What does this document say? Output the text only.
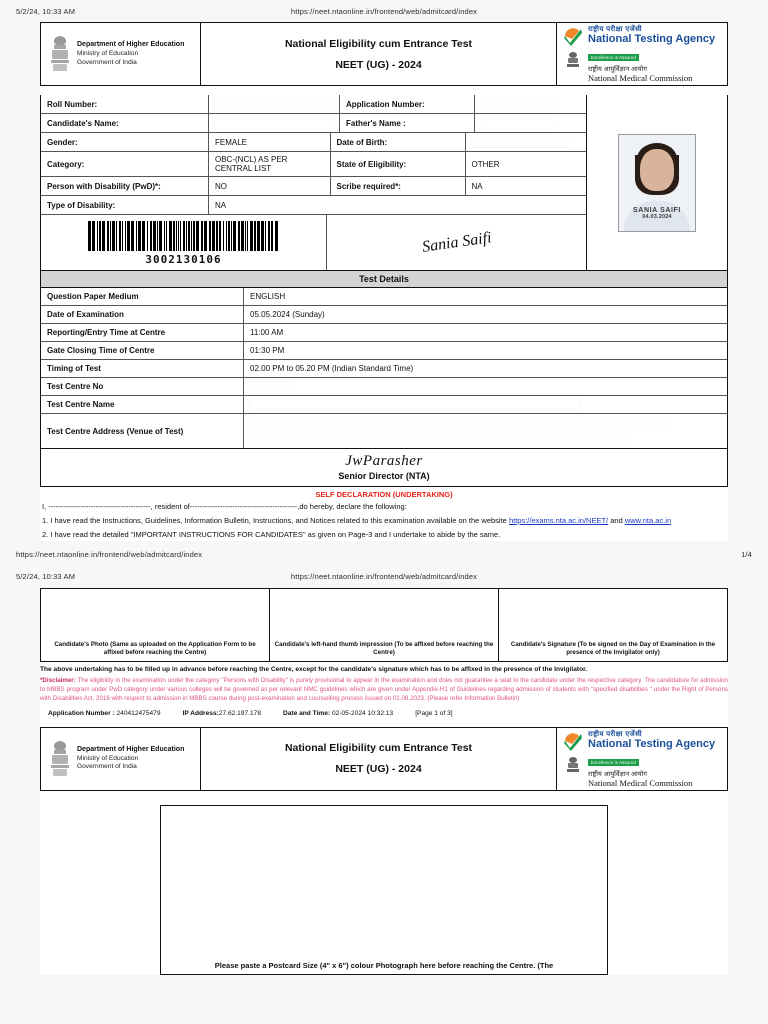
5/2/24, 10:33 AM	https://neet.ntaonline.in/frontend/web/admitcard/index
Department of Higher Education
Ministry of Education
Government of India
National Eligibility cum Entrance Test
NEET (UG) - 2024
राष्ट्रीय परीक्षा एजेंसी
National Testing Agency
Excellence is Assured
राष्ट्रीय आयुर्विज्ञान आयोग
National Medical Commission
Roll Number:	Application Number:
Candidate's Name:	Father's Name :
Gender:	FEMALE	Date of Birth:
Category:	OBC-(NCL) AS PER CENTRAL LIST	State of Eligibility:	OTHER
Person with Disability (PwD)*:	NO	Scribe required*:	NA
Type of Disability:	NA
3002130106
Sania Saifi
SANIA SAIFI
04.03.2024
Test Details
Question Paper Medium	ENGLISH
Date of Examination	05.05.2024 (Sunday)
Reporting/Entry Time at Centre	11:00 AM
Gate Closing Time of Centre	01:30 PM
Timing of Test	02.00 PM to 05.20 PM (Indian Standard Time)
Test Centre No
Test Centre Name
Test Centre Address (Venue of Test)
JwParasher
Senior Director (NTA)
SELF DECLARATION (UNDERTAKING)

I, -----------------------------------------, resident of-------------------------------------------,do hereby, declare the following:

1. I have read the Instructions, Guidelines, Information Bulletin, Instructions, and Notices related to this examination available on the website https://exams.nta.ac.in/NEET/ and www.nta.ac.in

2. I have read the detailed "IMPORTANT INSTRUCTIONS FOR CANDIDATES" as given on Page-3 and I undertake to abide by the same.

https://neet.ntaonline.in/frontend/web/admitcard/index	1/4
5/2/24, 10:33 AM	https://neet.ntaonline.in/frontend/web/admitcard/index
Candidate's Photo (Same as uploaded on the Application Form to be affixed before reaching the Centre)
Candidate's left-hand thumb impression (To be affixed before reaching the Centre)
Candidate's Signature (To be signed on the Day of Examination in the presence of the Invigilator only)
The above undertaking has to be filled up in advance before reaching the Centre, except for the candidate's signature which has to be affixed in the presence of the Invigilator.
*Disclaimer: The eligibility in the examination under the category "Persons with Disability" is purely provisional to appear in the examination and does not guarantee a seat to the candidate under the respective category. The candidature for admission to MBBS program under PwD category under various colleges will be governed as per relevant NMC guidelines which are given under Appendix-H1 of Guidelines regarding admission of students with "specified disabilities " under the Right of Persons with Disabilities Act, 2016 with respect to admission in MBBS course during post-examination and counselling process issued on 01.08.2023. (Please refer Information Bulletin)
Application Number : 240412475479	IP Address:27.62.197.178	Date and Time: 02-05-2024 10:32:13	[Page 1 of 3]
Department of Higher Education
Ministry of Education
Government of India
National Eligibility cum Entrance Test
NEET (UG) - 2024
राष्ट्रीय परीक्षा एजेंसी
National Testing Agency
Excellence is Assured
राष्ट्रीय आयुर्विज्ञान आयोग
National Medical Commission
Please paste a Postcard Size (4" x 6") colour Photograph here before reaching the Centre. (The
